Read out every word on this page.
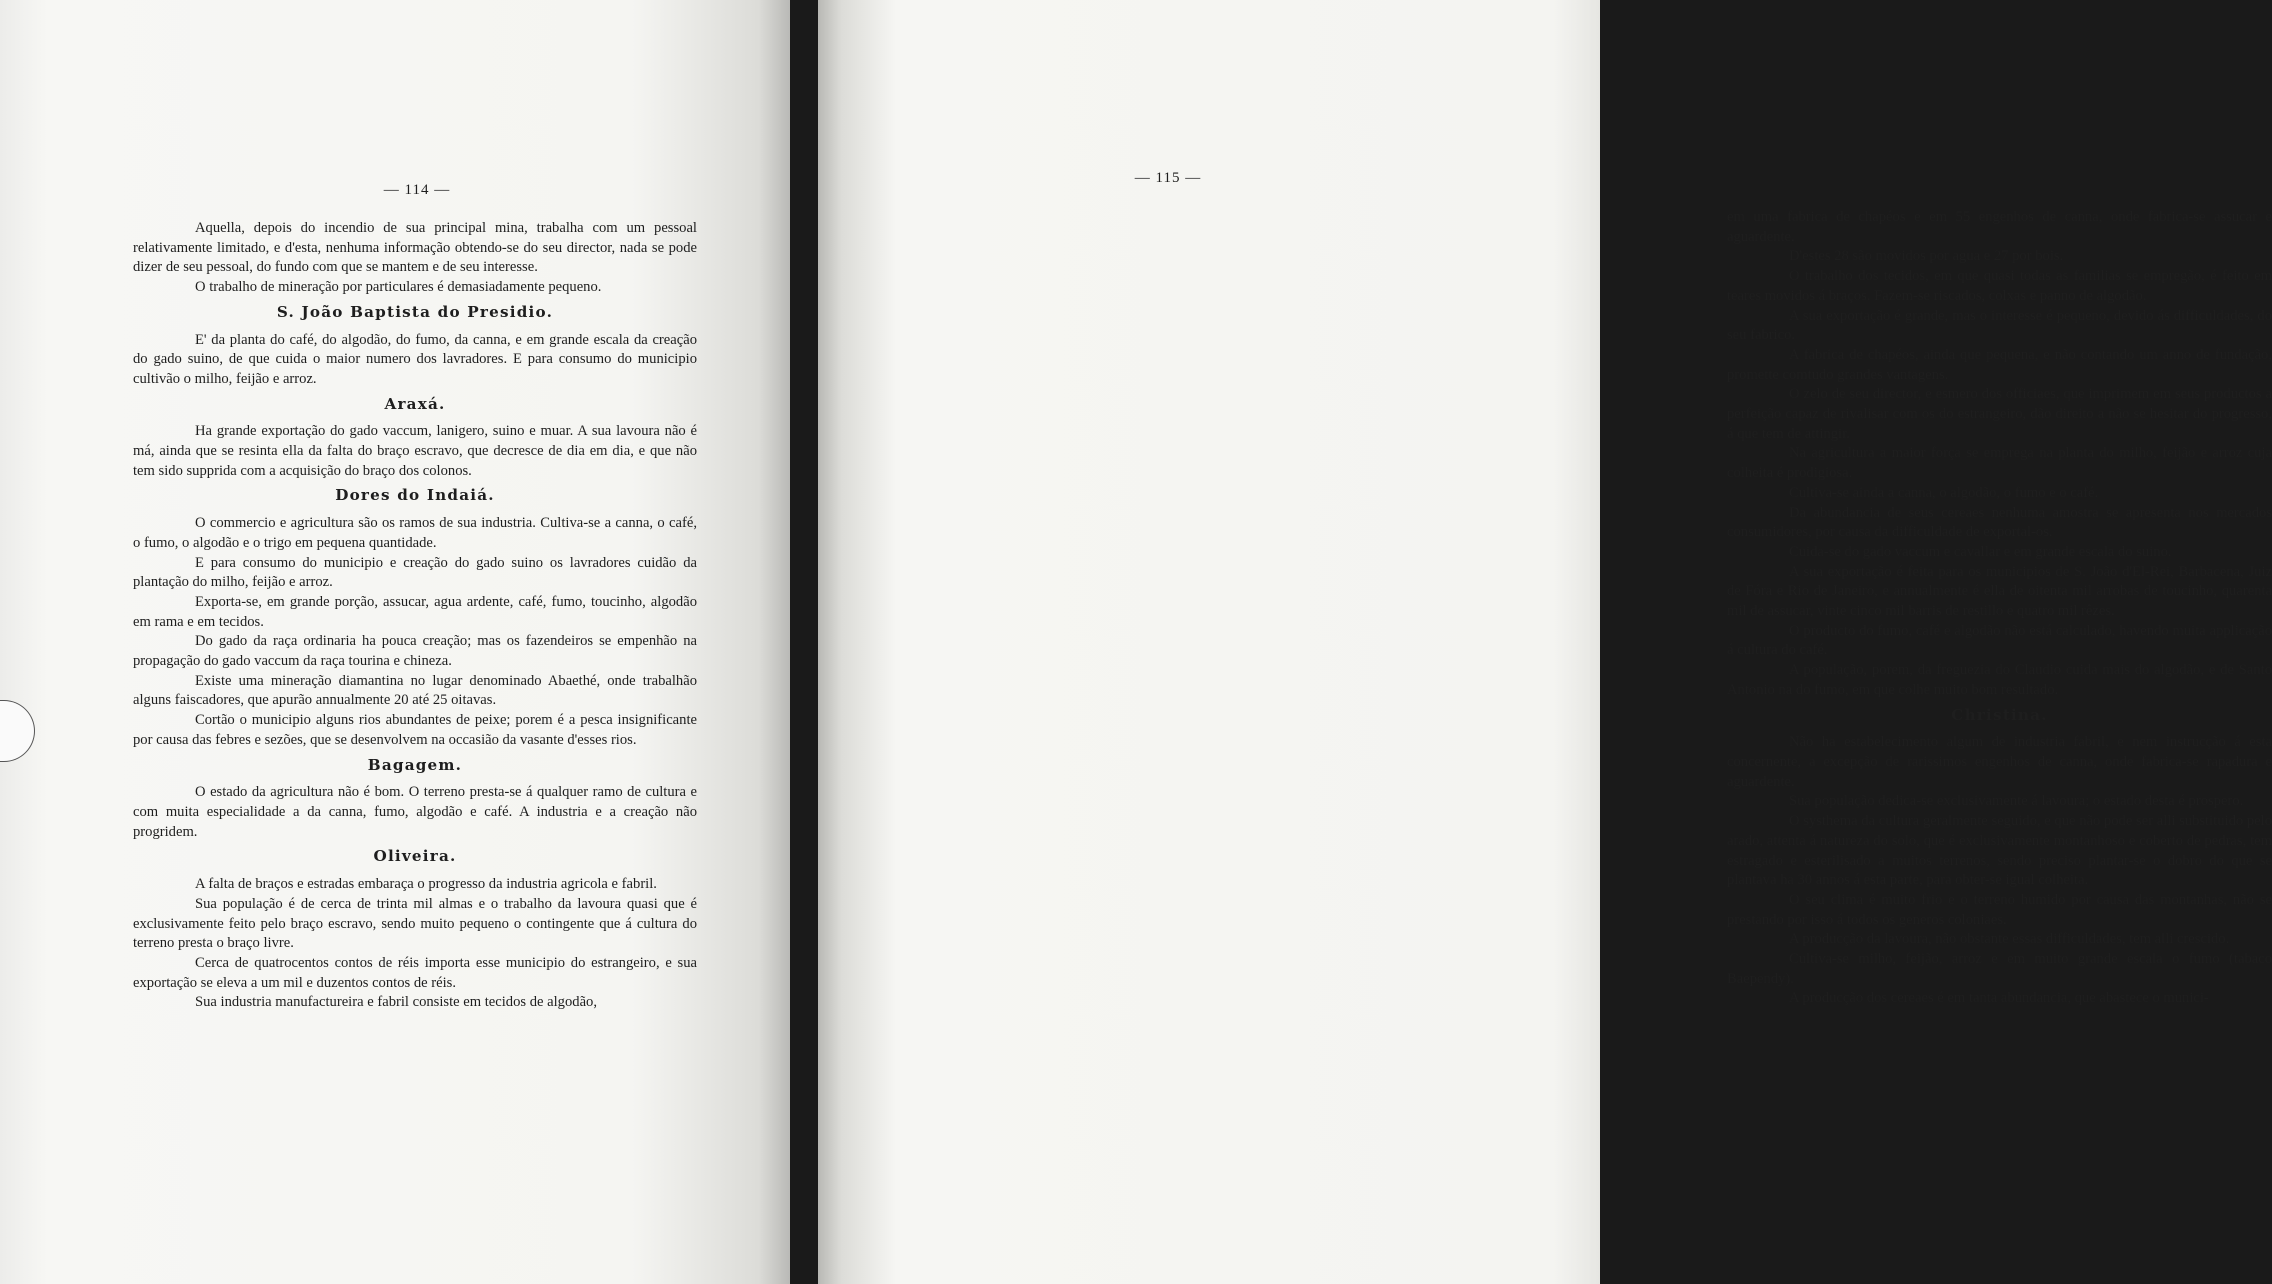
— 114 —

Aquella, depois do incendio de sua principal mina, trabalha com um pessoal relativamente limitado, e d'esta, nenhuma informação obtendo-se do seu director, nada se pode dizer de seu pessoal, do fundo com que se mantem e de seu interesse.

O trabalho de mineração por particulares é demasiadamente pequeno.

S. João Baptista do Presidio.

E' da planta do café, do algodão, do fumo, da canna, e em grande escala da creação do gado suino, de que cuida o maior numero dos lavradores. E para consumo do municipio cultivão o milho, feijão e arroz.

Araxá.

Ha grande exportação do gado vaccum, lanigero, suino e muar. A sua lavoura não é má, ainda que se resinta ella da falta do braço escravo, que decresce de dia em dia, e que não tem sido supprida com a acquisição do braço dos colonos.

Dores do Indaiá.

O commercio e agricultura são os ramos de sua industria. Cultiva-se a canna, o café, o fumo, o algodão e o trigo em pequena quantidade.

E para consumo do municipio e creação do gado suino os lavradores cuidão da plantação do milho, feijão e arroz.

Exporta-se, em grande porção, assucar, agua ardente, café, fumo, toucinho, algodão em rama e em tecidos.

Do gado da raça ordinaria ha pouca creação; mas os fazendeiros se empenhão na propagação do gado vaccum da raça tourina e chineza.

Existe uma mineração diamantina no lugar denominado Abaethé, onde trabalhão alguns faiscadores, que apurão annualmente 20 até 25 oitavas.

Cortão o municipio alguns rios abundantes de peixe; porem é a pesca insignificante por causa das febres e sezões, que se desenvolvem na occasião da vasante d'esses rios.

Bagagem.

O estado da agricultura não é bom. O terreno presta-se á qualquer ramo de cultura e com muita especialidade a da canna, fumo, algodão e café. A industria e a creação não progridem.

Oliveira.

A falta de braços e estradas embaraça o progresso da industria agricola e fabril.

Sua população é de cerca de trinta mil almas e o trabalho da lavoura quasi que é exclusivamente feito pelo braço escravo, sendo muito pequeno o contingente que á cultura do terreno presta o braço livre.

Cerca de quatrocentos contos de réis importa esse municipio do estrangeiro, e sua exportação se eleva a um mil e duzentos contos de réis.

Sua industria manufactureira e fabril consiste em tecidos de algodão,

— 115 —

em uma fabrica de chapéos e em 55 engenhos de canna, onde fabrica-se assucar e aguardente.

D'estes 28 são movidos por agua e 27 por bois.

O trabalho dos tecidos, em que quasi todas as familias se empregão, é feito em teares movidos á braços. Fazem-se riscados, colxas e panno de algodão.

A sua exportação é grande, mas o interesse é pequeno, devido ás difficuldades, do seu fabrico.

A fabrica de chapéos, ainda que pequena, e não contando um anno de fundação, promette comtudo grandes vantagens.

O zelo de seu director, e esmero dos officiaes, que imprimem em seus productos a perfeição capaz de rivalisar com os do estrangeiro, dão direito a não se hesitar do progresso, á que tem de attingir.

Na agricultura a maior força se emprega na planta do milho, feijão e arroz cuja colheita é prodigiosa.

Cultiva-se ainda a canna, o algodão, o fumo e o café.

Da abundancia de seus cereaes nenhuma amostra se apresenta nos mercados consumidores, por causa da difficuldade de exportal-os.

Cuida-se do gado vaccum e cavallar e em grande escala do suino.

A sua exportação é feita para os municipios de S. João d'El-Rei, Barbacena, Juiz de Fóra e Rio de Janeiro, e annualmente é ella de oitenta mil arrobas de toucinho, quarenta mil de assucar, vinte cinco mil barris de restillo e quatro mil rêzes.

O producto do fumo, café e algodão não está calculado, havendo muita applicação á cultura do café.

A população, porem, da freguezia do Claudio cuida mais do algodão, e de Santo Antonio na do fumo, em que colhe muito bom resultado.

Christina.

Não ha estabelecimento algum de industria fabril, e nem instrucção á esta concernente, a excepção de rarissimos engenhos de canna, onde fabrica-se rapadura e aguardente.

Sua população dedica-se exclusivamente á lavoura; o estado desta é prospero.

O systhema da cultura geralmente seguido, e que não pode ser alli substituido pelo arado, attenta á natureza do solo, que é exclusivamente montanhoso e coberto de pedras, tem estragado e esterilisado a muitos terrenos, sendo preciso plantar-se o dobro do que se plantava ha 30 annos á esta parte, para obter-se igual colheita.

O seu clima é muito frio e o terreno humido por causa das montanhas, não se prestando por isso á todos os generos coloniaes.

A producção da lavoura, não obstante essas difficuldades, tem alli crescido.

Cultiva-se milho, feijão, arroz e em muito grande escala o fumo (tabaco Baependy).

A producção dos cereaes é em tanta abundancia, que abastece o munici-
